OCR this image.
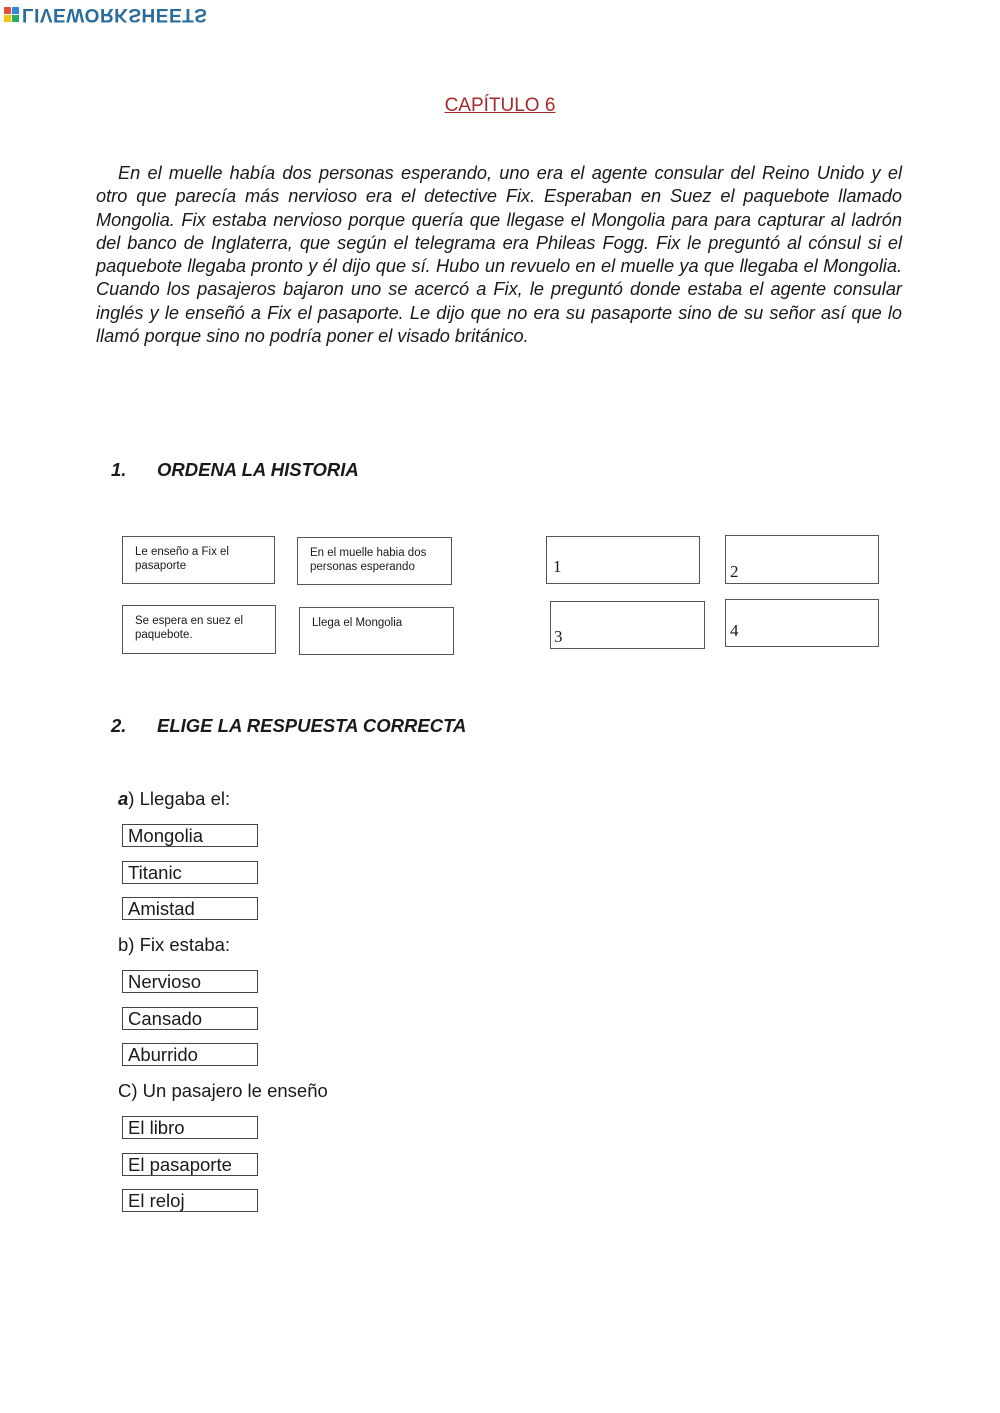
LIVEWORKSHEETS
CAPÍTULO 6

En el muelle había dos personas esperando, uno era el agente consular del Reino Unido y el otro que parecía más nervioso era el detective Fix. Esperaban en Suez el paquebote llamado Mongolia. Fix estaba nervioso porque quería que llegase el Mongolia para para capturar al ladrón del banco de Inglaterra, que según el telegrama era Phileas Fogg. Fix le preguntó al cónsul si el paquebote llegaba pronto y él dijo que sí. Hubo un revuelo en el muelle ya que llegaba el Mongolia. Cuando los pasajeros bajaron uno se acercó a Fix, le preguntó donde estaba el agente consular inglés y le enseñó a Fix el pasaporte. Le dijo que no era su pasaporte sino de su señor así que lo llamó porque sino no podría poner el visado británico.

1.	ORDENA LA HISTORIA
Le enseño a Fix el pasaporte
En el muelle habia dos personas esperando
Se espera en suez el paquebote.
Llega el Mongolia
1	2
3	4
2.	ELIGE LA RESPUESTA CORRECTA
a) Llegaba el:
Mongolia
Titanic
Amistad
b) Fix estaba:
Nervioso
Cansado
Aburrido
C) Un pasajero le enseño
El libro
El pasaporte
El reloj
